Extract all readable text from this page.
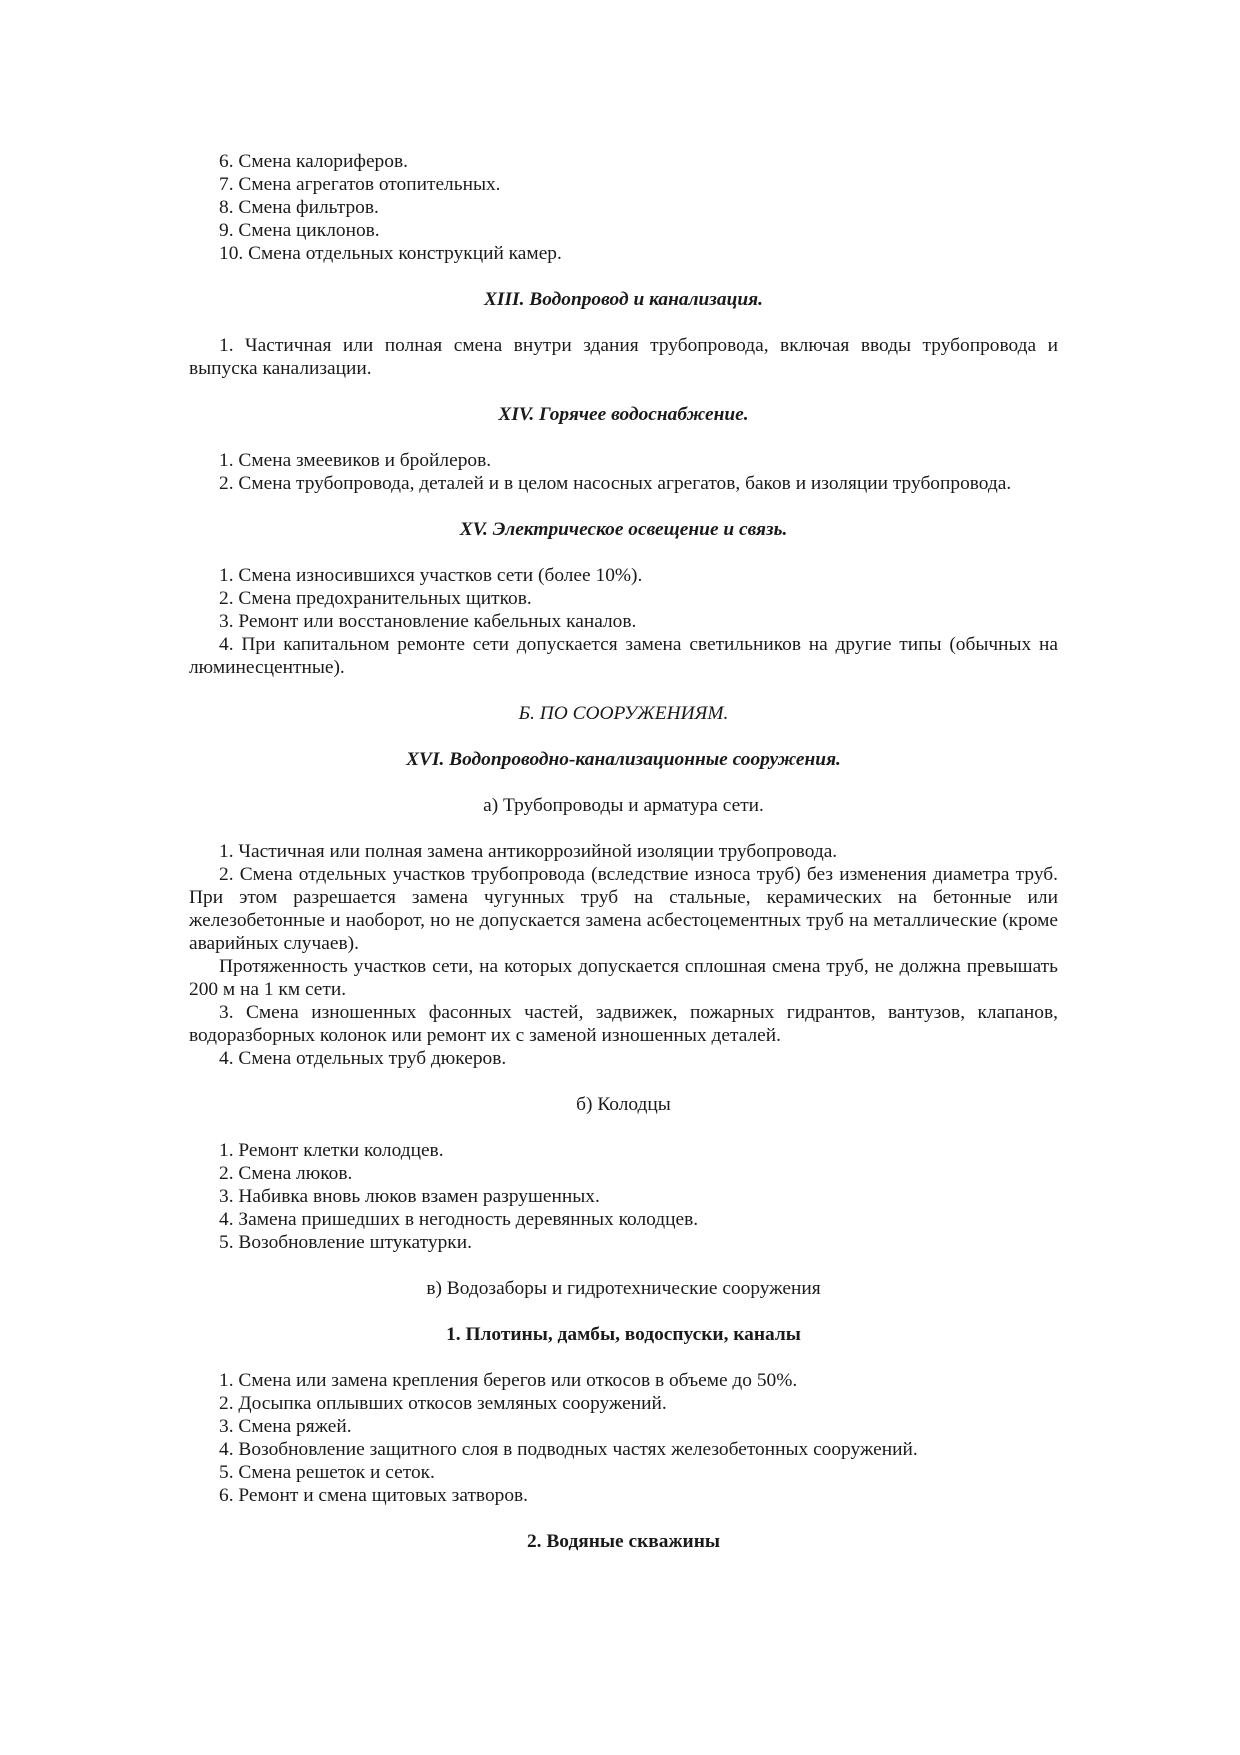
6. Смена калориферов.

7. Смена агрегатов отопительных.

8. Смена фильтров.

9. Смена циклонов.

10. Смена отдельных конструкций камер.

XIII. Водопровод и канализация.

1. Частичная или полная смена внутри здания трубопровода, включая вводы трубопровода и выпуска канализации.

XIV. Горячее водоснабжение.

1. Смена змеевиков и бройлеров.

2. Смена трубопровода, деталей и в целом насосных агрегатов, баков и изоляции трубопровода.

XV. Электрическое освещение и связь.

1. Смена износившихся участков сети (более 10%).

2. Смена предохранительных щитков.

3. Ремонт или восстановление кабельных каналов.

4. При капитальном ремонте сети допускается замена светильников на другие типы (обычных на люминесцентные).

Б. ПО СООРУЖЕНИЯМ.

XVI. Водопроводно-канализационные сооружения.

а) Трубопроводы и арматура сети.

1. Частичная или полная замена антикоррозийной изоляции трубопровода.

2. Смена отдельных участков трубопровода (вследствие износа труб) без изменения диаметра труб. При этом разрешается замена чугунных труб на стальные, керамических на бетонные или железобетонные и наоборот, но не допускается замена асбестоцементных труб на металлические (кроме аварийных случаев).

Протяженность участков сети, на которых допускается сплошная смена труб, не должна превышать 200 м на 1 км сети.

3. Смена изношенных фасонных частей, задвижек, пожарных гидрантов, вантузов, клапанов, водоразборных колонок или ремонт их с заменой изношенных деталей.

4. Смена отдельных труб дюкеров.

б) Колодцы

1. Ремонт клетки колодцев.

2. Смена люков.

3. Набивка вновь люков взамен разрушенных.

4. Замена пришедших в негодность деревянных колодцев.

5. Возобновление штукатурки.

в) Водозаборы и гидротехнические сооружения

1. Плотины, дамбы, водоспуски, каналы

1. Смена или замена крепления берегов или откосов в объеме до 50%.

2. Досыпка оплывших откосов земляных сооружений.

3. Смена ряжей.

4. Возобновление защитного слоя в подводных частях железобетонных сооружений.

5. Смена решеток и сеток.

6. Ремонт и смена щитовых затворов.

2. Водяные скважины
